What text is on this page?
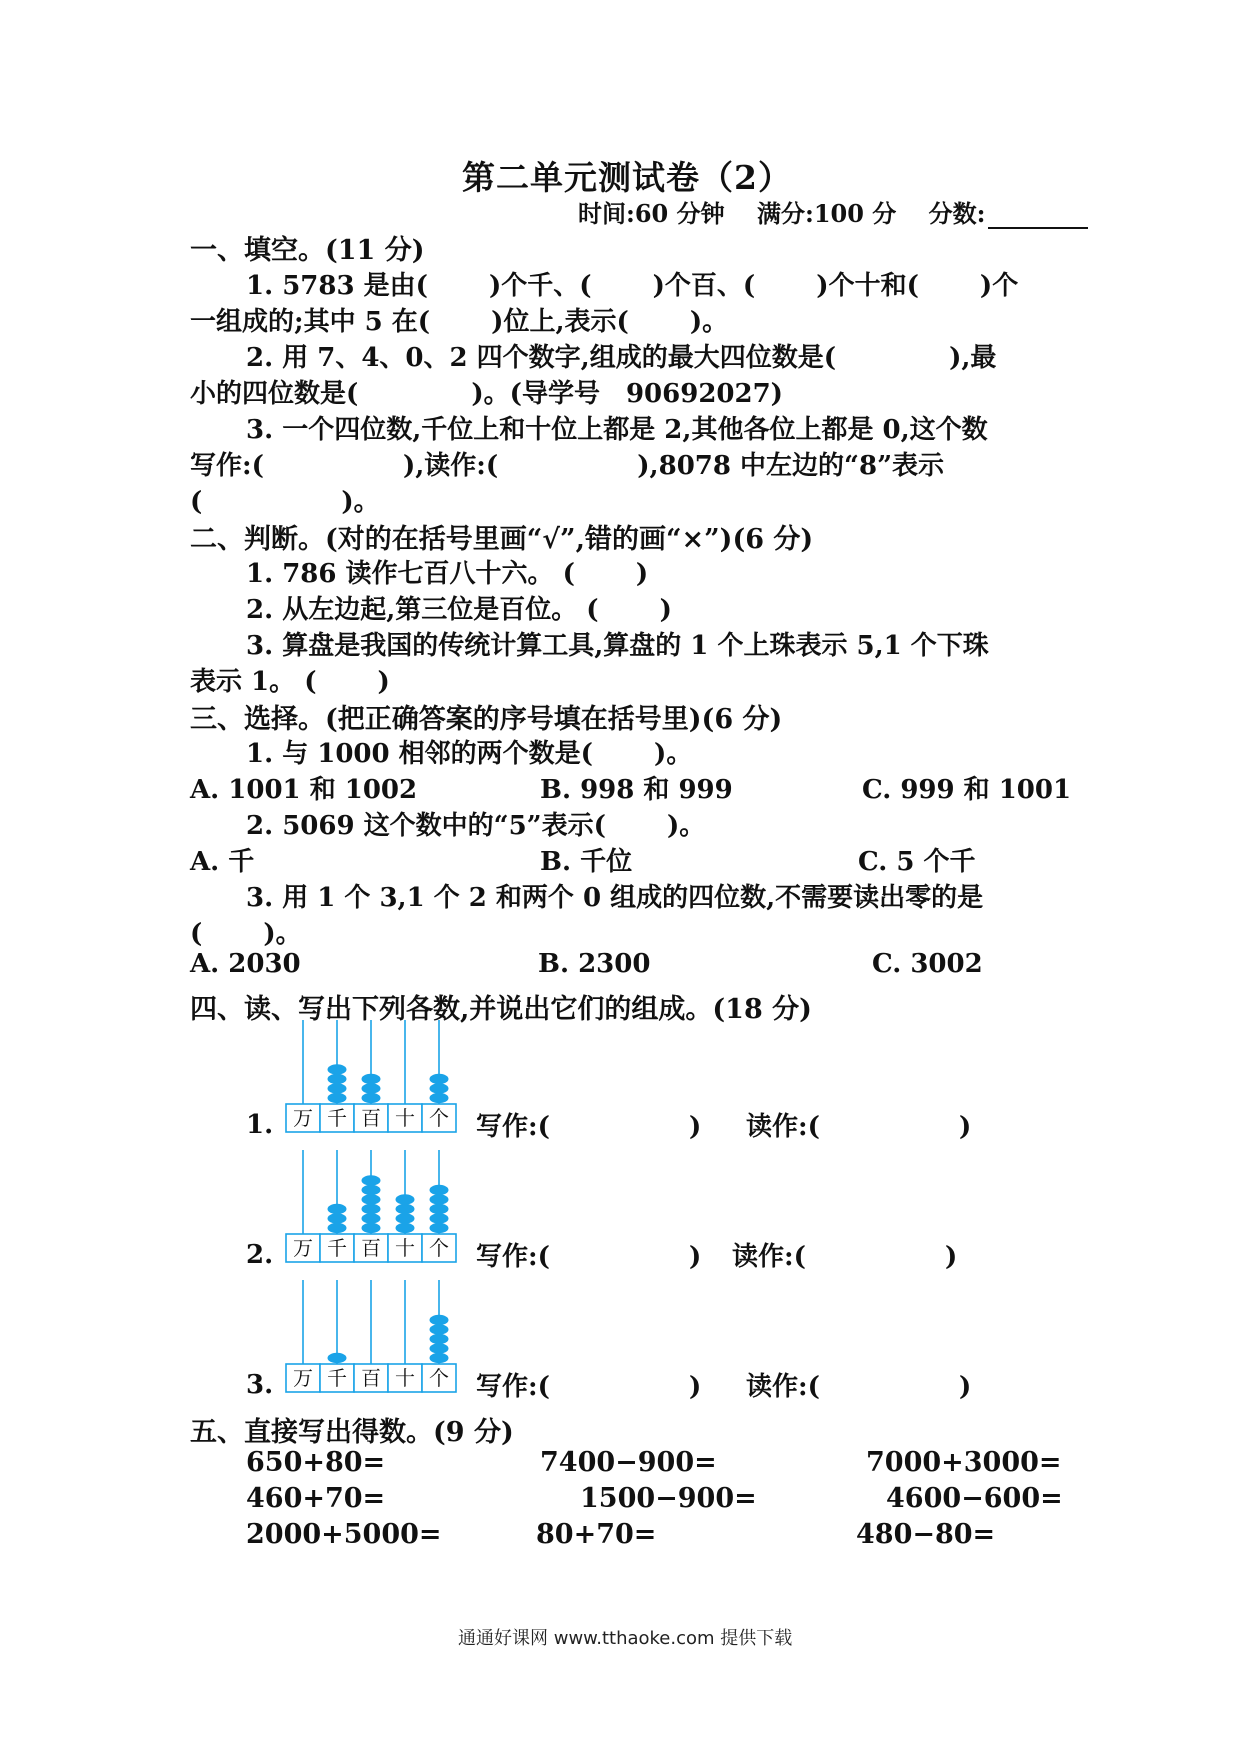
第二单元测试卷（2）
时间:60 分钟　 满分:100 分　 分数:
一、填空。(11 分)
1. 5783 是由(　　 )个千、(　　 )个百、(　　 )个十和(　　 )个
一组成的;其中 5 在(　　 )位上,表示(　　 )。
2. 用 7、4、0、2 四个数字,组成的最大四位数是(　　　　 ),最
小的四位数是(　　　　 )。(导学号　90692027)
3. 一个四位数,千位上和十位上都是 2,其他各位上都是 0,这个数
写作:(　　　　　 ),读作:(　　　　　 ),8078 中左边的“8”表示
(　　　　　 )。
二、判断。(对的在括号里画“√”,错的画“×”)(6 分)
1. 786 读作七百八十六。 (　　 )
2. 从左边起,第三位是百位。 (　　 )
3. 算盘是我国的传统计算工具,算盘的 1 个上珠表示 5,1 个下珠
表示 1。 (　　 )
三、选择。(把正确答案的序号填在括号里)(6 分)
1. 与 1000 相邻的两个数是(　　 )。
A. 1001 和 1002	B. 998 和 999	C. 999 和 1001
2. 5069 这个数中的“5”表示(　　 )。
A. 千	B. 千位	C. 5 个千
3. 用 1 个 3,1 个 2 和两个 0 组成的四位数,不需要读出零的是
(　　 )。
A. 2030	B. 2300	C. 3002
四、读、写出下列各数,并说出它们的组成。(18 分)
1. 万 千 百 十 个 写作:(　　　　　 ) 读作:(　　　　　 )
2. 万 千 百 十 个 写作:(　　　　　 ) 读作:(　　　　　 )
3. 万 千 百 十 个 写作:(　　　　　 ) 读作:(　　　　　 )
五、直接写出得数。(9 分)
650+80=	7400−900=	7000+3000=
460+70=	1500−900=	4600−600=
2000+5000=	80+70=	480−80=
通通好课网 www.tthaoke.com 提供下载
